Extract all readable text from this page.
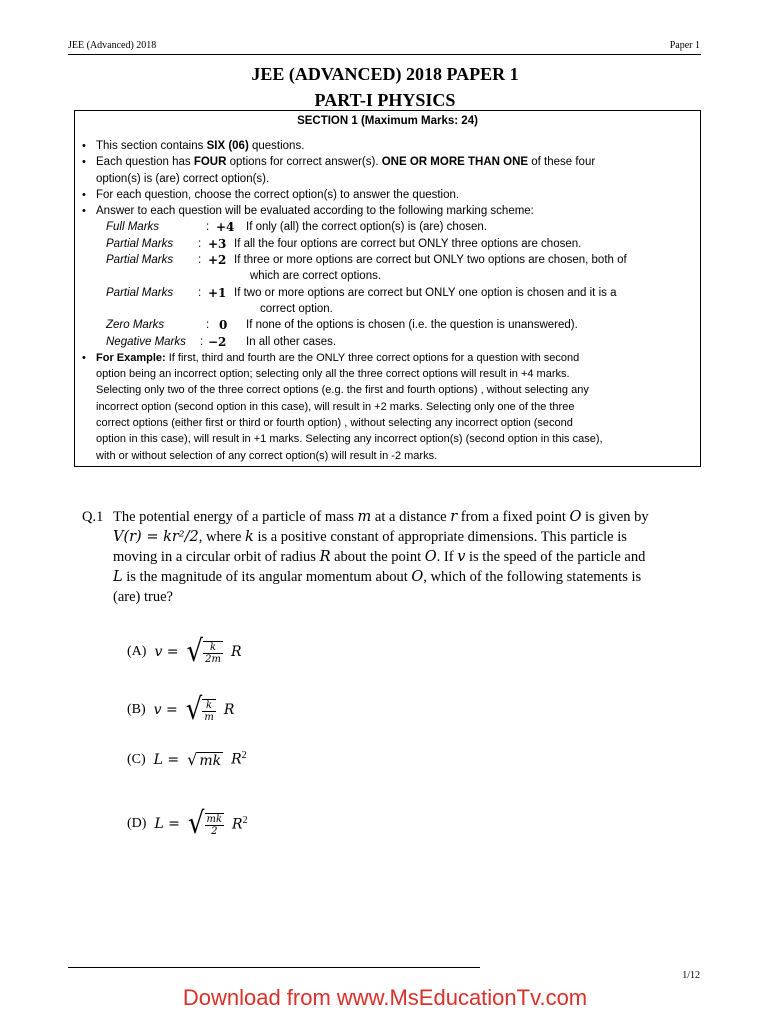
JEE (Advanced) 2018	Paper 1
JEE (ADVANCED) 2018 PAPER 1
PART-I PHYSICS
SECTION 1 (Maximum Marks: 24)
• This section contains SIX (06) questions.
• Each question has FOUR options for correct answer(s). ONE OR MORE THAN ONE of these four
option(s) is (are) correct option(s).
• For each question, choose the correct option(s) to answer the question.
• Answer to each question will be evaluated according to the following marking scheme:
Full Marks	: +4 If only (all) the correct option(s) is (are) chosen.
Partial Marks : +3 If all the four options are correct but ONLY three options are chosen.
Partial Marks : +2 If three or more options are correct but ONLY two options are chosen, both of
which are correct options.
Partial Marks : +1 If two or more options are correct but ONLY one option is chosen and it is a
correct option.
Zero Marks	: 0 If none of the options is chosen (i.e. the question is unanswered).
Negative Marks : −2 In all other cases.
• For Example: If first, third and fourth are the ONLY three correct options for a question with second
option being an incorrect option; selecting only all the three correct options will result in +4 marks.
Selecting only two of the three correct options (e.g. the first and fourth options) , without selecting any
incorrect option (second option in this case), will result in +2 marks. Selecting only one of the three
correct options (either first or third or fourth option) , without selecting any incorrect option (second
option in this case), will result in +1 marks. Selecting any incorrect option(s) (second option in this case),
with or without selection of any correct option(s) will result in -2 marks.
Q.1 The potential energy of a particle of mass m at a distance r from a fixed point O is given by
V(r) = kr²/2, where k is a positive constant of appropriate dimensions. This particle is
moving in a circular orbit of radius R about the point O. If v is the speed of the particle and
L is the magnitude of its angular momentum about O, which of the following statements is
(are) true?
(A) v = √ $\frac{k}{2m}$ R
(B) v = √ $\frac{k}{m}$ R
(C) L = √ mk $R^2$
(D) L = √ $\frac{mk}{2} R^2$
1/12
Download from www.MsEducationTv.com
